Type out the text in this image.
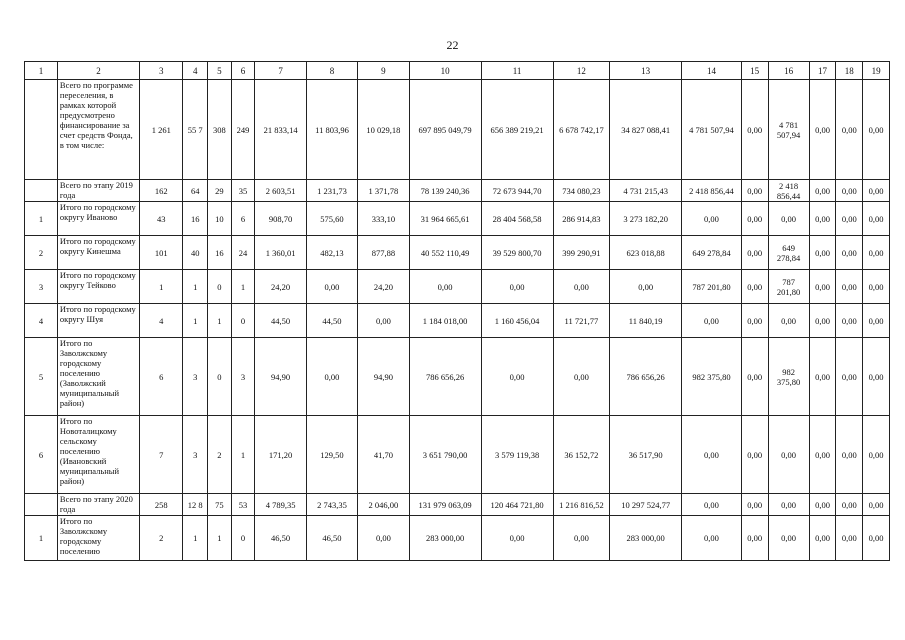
22
1	2	3	4	5	6	7	8	9	10	11	12	13	14	15	16	17	18	19
	Всего по программе переселения, в рамках которой предусмотрено финансирование за счет средств Фонда, в том числе:	1 261	55 7	308	249	21 833,14	11 803,96	10 029,18	697 895 049,79	656 389 219,21	6 678 742,17	34 827 088,41	4 781 507,94	0,00	4 781 507,94	0,00	0,00	0,00
	Всего по этапу 2019 года	162	64	29	35	2 603,51	1 231,73	1 371,78	78 139 240,36	72 673 944,70	734 080,23	4 731 215,43	2 418 856,44	0,00	2 418 856,44	0,00	0,00	0,00
1	Итого по городскому округу Иваново	43	16	10	6	908,70	575,60	333,10	31 964 665,61	28 404 568,58	286 914,83	3 273 182,20	0,00	0,00	0,00	0,00	0,00	0,00
2	Итого по городскому округу Кинешма	101	40	16	24	1 360,01	482,13	877,88	40 552 110,49	39 529 800,70	399 290,91	623 018,88	649 278,84	0,00	649 278,84	0,00	0,00	0,00
3	Итого по городскому округу Тейково	1	1	0	1	24,20	0,00	24,20	0,00	0,00	0,00	0,00	787 201,80	0,00	787 201,80	0,00	0,00	0,00
4	Итого по городскому округу Шуя	4	1	1	0	44,50	44,50	0,00	1 184 018,00	1 160 456,04	11 721,77	11 840,19	0,00	0,00	0,00	0,00	0,00	0,00
5	Итого по Заволжскому городскому поселению (Заволжский муниципальный район)	6	3	0	3	94,90	0,00	94,90	786 656,26	0,00	0,00	786 656,26	982 375,80	0,00	982 375,80	0,00	0,00	0,00
6	Итого по Новоталицкому сельскому поселению (Ивановский муниципальный район)	7	3	2	1	171,20	129,50	41,70	3 651 790,00	3 579 119,38	36 152,72	36 517,90	0,00	0,00	0,00	0,00	0,00	0,00
	Всего по этапу 2020 года	258	12 8	75	53	4 789,35	2 743,35	2 046,00	131 979 063,09	120 464 721,80	1 216 816,52	10 297 524,77	0,00	0,00	0,00	0,00	0,00	0,00
1	Итого по Заволжскому городскому поселению	2	1	1	0	46,50	46,50	0,00	283 000,00	0,00	0,00	283 000,00	0,00	0,00	0,00	0,00	0,00	0,00
